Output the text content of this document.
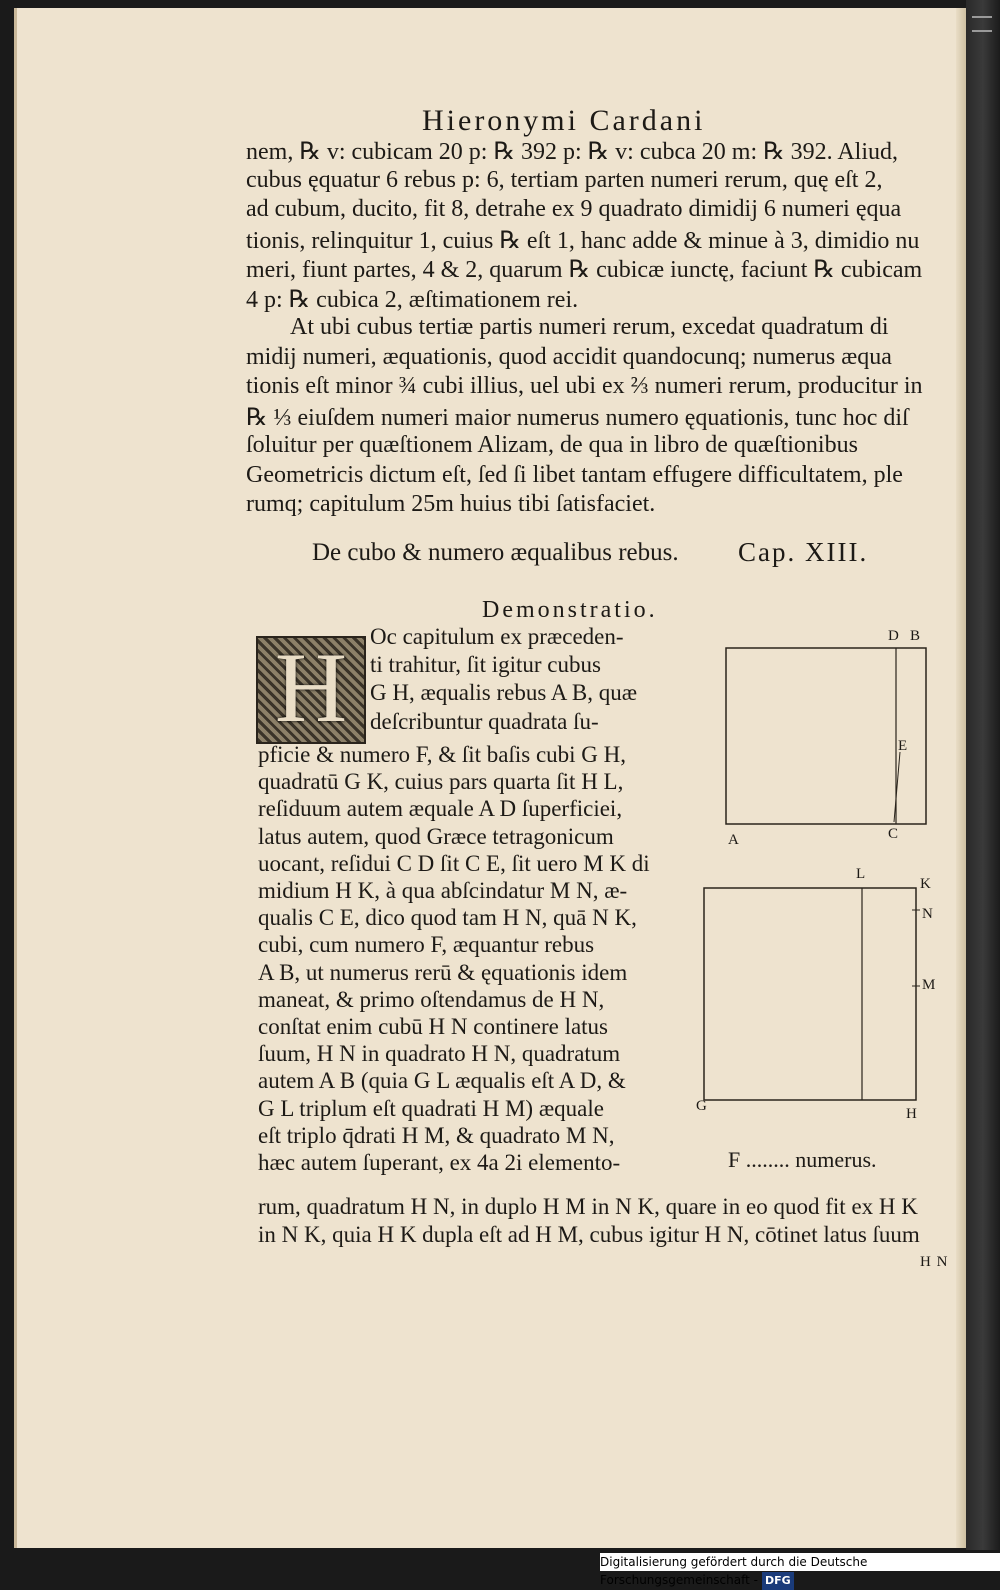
Hieronymi Cardani
nem, ℞ v: cubicam 20 p: ℞ 392 p: ℞ v: cubca 20 m: ℞ 392. Aliud,
cubus ęquatur 6 rebus p: 6, tertiam parten numeri rerum, quę eſt 2,
ad cubum, ducito, fit 8, detrahe ex 9 quadrato dimidij 6 numeri ęqua
tionis, relinquitur 1, cuius ℞ eſt 1, hanc adde & minue à 3, dimidio nu
meri, fiunt partes, 4 & 2, quarum ℞ cubicæ iunctę, faciunt ℞ cubicam
4 p: ℞ cubica 2, æſtimationem rei.
At ubi cubus tertiæ partis numeri rerum, excedat quadratum di
midij numeri, æquationis, quod accidit quandocunq; numerus æqua
tionis eſt minor ¾ cubi illius, uel ubi ex ⅔ numeri rerum, producitur in
℞ ⅓ eiuſdem numeri maior numerus numero ęquationis, tunc hoc diſ
ſoluitur per quæſtionem Alizam, de qua in libro de quæſtionibus
Geometricis dictum eſt, ſed ſi libet tantam effugere difficultatem, ple
rumq; capitulum 25m huius tibi ſatisfaciet.
De cubo & numero æqualibus rebus. Cap. XIII.
Demonstratio.
H Oc capitulum ex præceden-
ti trahitur, ſit igitur cubus
G H, æqualis rebus A B, quæ
deſcribuntur quadrata ſu-
pficie & numero F, & ſit baſis cubi G H,
quadratū G K, cuius pars quarta ſit H L,
reſiduum autem æquale A D ſuperficiei,
latus autem, quod Græce tetragonicum
uocant, reſidui C D ſit C E, ſit uero M K di
midium H K, à qua abſcindatur M N, æ-
qualis C E, dico quod tam H N, quā N K,
cubi, cum numero F, æquantur rebus
A B, ut numerus rerū & ęquationis idem
maneat, & primo oſtendamus de H N,
conſtat enim cubū H N continere latus
ſuum, H N in quadrato H N, quadratum
autem A B (quia G L æqualis eſt A D, &
G L triplum eſt quadrati H M) æquale
eſt triplo q̄drati H M, & quadrato M N,
hæc autem ſuperant, ex 4a 2i elemento-
rum, quadratum H N, in duplo H M in N K, quare in eo quod fit ex H K
in N K, quia H K dupla eſt ad H M, cubus igitur H N, cōtinet latus ſuum
H N
D B
E
A	C
L
K
N
M
G	H
F ........ numerus.
Digitalisierung gefördert durch die Deutsche Forschungsgemeinschaft - DFG
